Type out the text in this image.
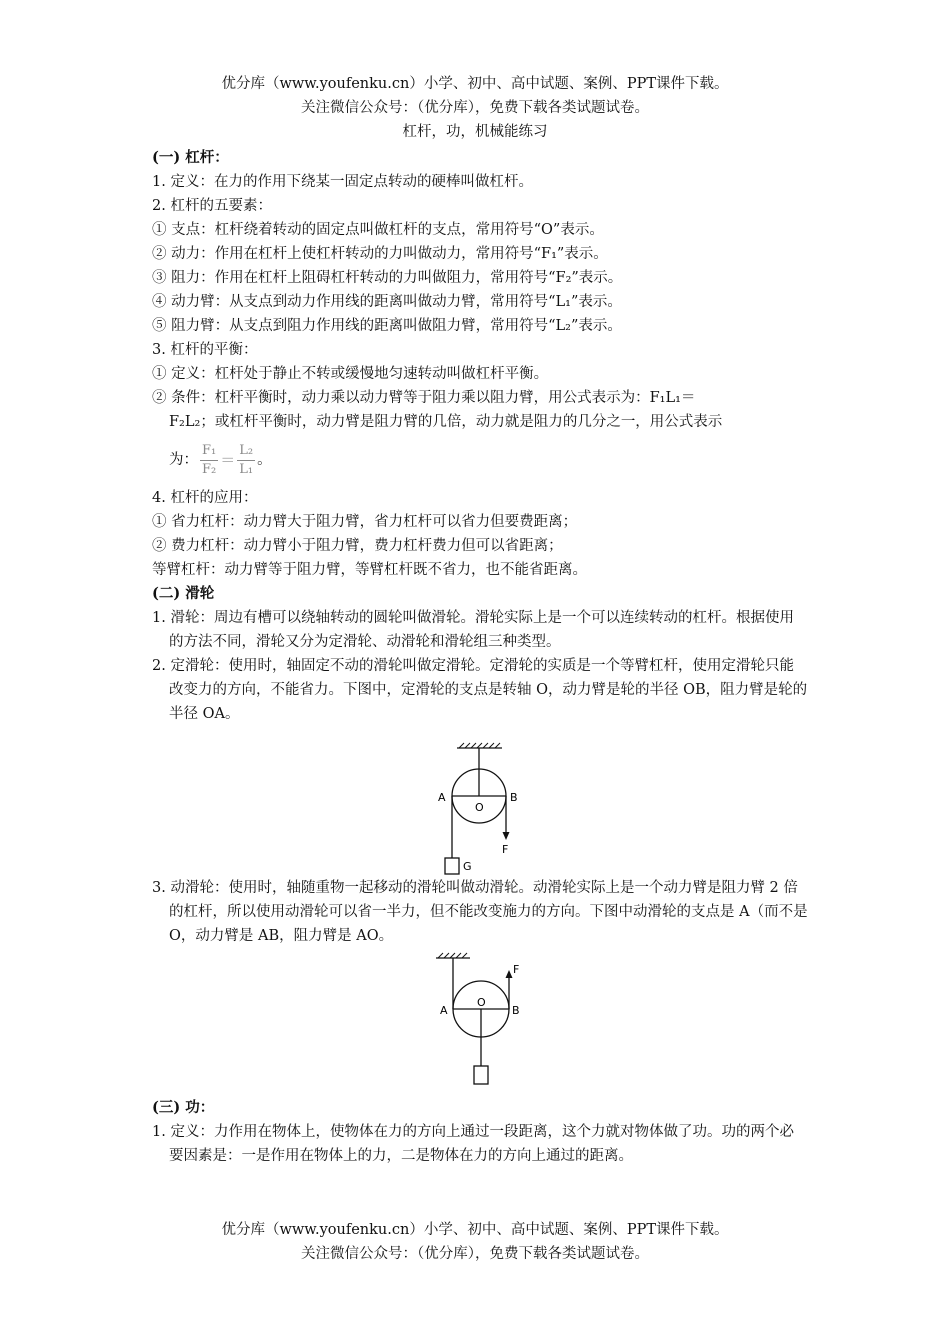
优分库（www.youfenku.cn）小学、初中、高中试题、案例、PPT课件下载。
关注微信公众号：（优分库），免费下载各类试题试卷。
杠杆，功，机械能练习
(一) 杠杆：
1. 定义：在力的作用下绕某一固定点转动的硬棒叫做杠杆。
2. 杠杆的五要素：
① 支点：杠杆绕着转动的固定点叫做杠杆的支点，常用符号“O”表示。
② 动力：作用在杠杆上使杠杆转动的力叫做动力，常用符号“F₁”表示。
③ 阻力：作用在杠杆上阻碍杠杆转动的力叫做阻力，常用符号“F₂”表示。
④ 动力臂：从支点到动力作用线的距离叫做动力臂，常用符号“L₁”表示。
⑤ 阻力臂：从支点到阻力作用线的距离叫做阻力臂，常用符号“L₂”表示。
3. 杠杆的平衡：
① 定义：杠杆处于静止不转或缓慢地匀速转动叫做杠杆平衡。
② 条件：杠杆平衡时，动力乘以动力臂等于阻力乘以阻力臂，用公式表示为：F₁L₁＝
F₂L₂；或杠杆平衡时，动力臂是阻力臂的几倍，动力就是阻力的几分之一，用公式表示
为： $\frac{\text{F₁}}{\text{F₂}} = \frac{\text{L₂}}{\text{L₁}}$ 。
4. 杠杆的应用：
① 省力杠杆：动力臂大于阻力臂，省力杠杆可以省力但要费距离；
② 费力杠杆：动力臂小于阻力臂，费力杠杆费力但可以省距离；
等臂杠杆：动力臂等于阻力臂，等臂杠杆既不省力，也不能省距离。
(二) 滑轮
1. 滑轮：周边有槽可以绕轴转动的圆轮叫做滑轮。滑轮实际上是一个可以连续转动的杠杆。根据使用的方法不同，滑轮又分为定滑轮、动滑轮和滑轮组三种类型。
2. 定滑轮：使用时，轴固定不动的滑轮叫做定滑轮。定滑轮的实质是一个等臂杠杆，使用定滑轮只能改变力的方向，不能省力。下图中，定滑轮的支点是转轴 O，动力臂是轮的半径 OB，阻力臂是轮的半径 OA。
A
O
B
F
G
3. 动滑轮：使用时，轴随重物一起移动的滑轮叫做动滑轮。动滑轮实际上是一个动力臂是阻力臂 2 倍的杠杆，所以使用动滑轮可以省一半力，但不能改变施力的方向。下图中动滑轮的支点是 A（而不是 O，动力臂是 AB，阻力臂是 AO。
F
A
O
B
(三) 功：
1. 定义：力作用在物体上，使物体在力的方向上通过一段距离，这个力就对物体做了功。功的两个必要因素是：一是作用在物体上的力，二是物体在力的方向上通过的距离。
优分库（www.youfenku.cn）小学、初中、高中试题、案例、PPT课件下载。
关注微信公众号：（优分库），免费下载各类试题试卷。
